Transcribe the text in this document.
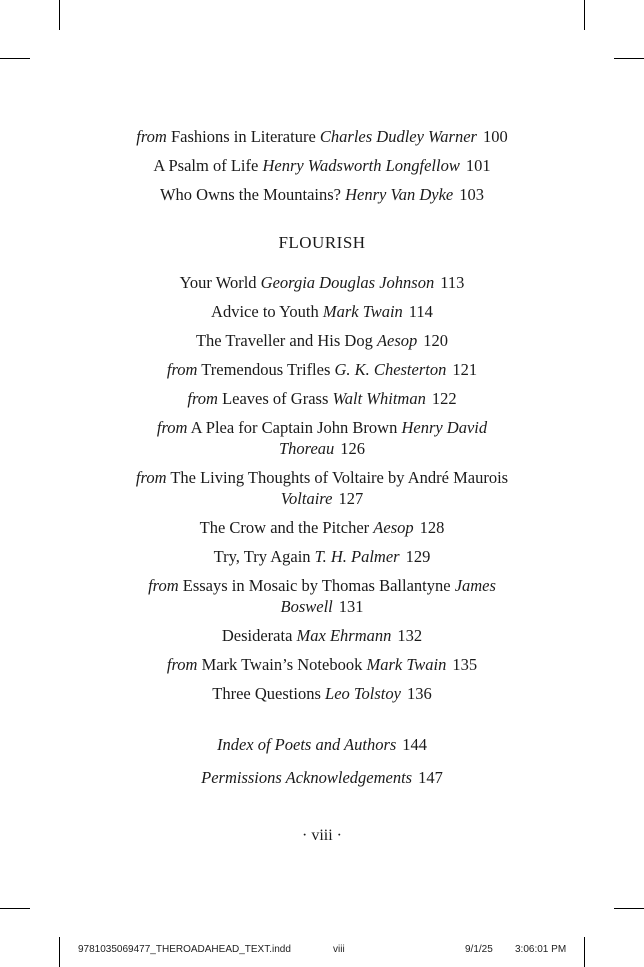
from Fashions in Literature Charles Dudley Warner 100
A Psalm of Life Henry Wadsworth Longfellow 101
Who Owns the Mountains? Henry Van Dyke 103
FLOURISH
Your World Georgia Douglas Johnson 113
Advice to Youth Mark Twain 114
The Traveller and His Dog Aesop 120
from Tremendous Trifles G. K. Chesterton 121
from Leaves of Grass Walt Whitman 122
from A Plea for Captain John Brown Henry David Thoreau 126
from The Living Thoughts of Voltaire by André Maurois Voltaire 127
The Crow and the Pitcher Aesop 128
Try, Try Again T. H. Palmer 129
from Essays in Mosaic by Thomas Ballantyne James Boswell 131
Desiderata Max Ehrmann 132
from Mark Twain’s Notebook Mark Twain 135
Three Questions Leo Tolstoy 136
Index of Poets and Authors 144
Permissions Acknowledgements 147
· viii ·
9781035069477_THEROADAHEAD_TEXT.indd	viii	9/1/25 3:06:01 PM
